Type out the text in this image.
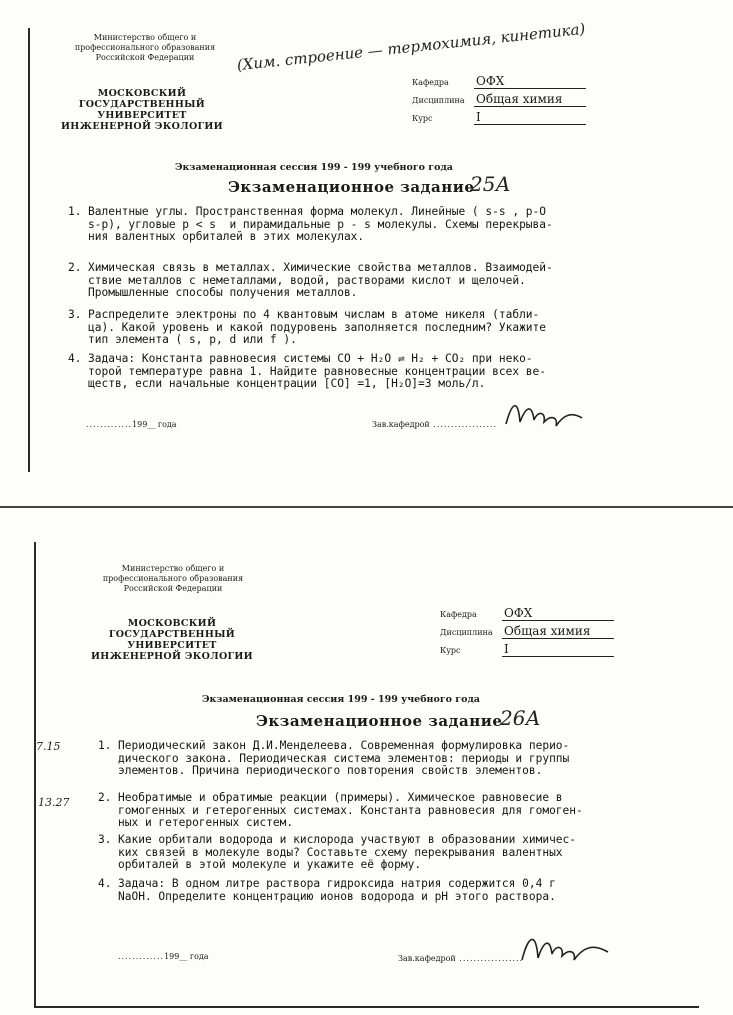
Министерство общего и
профессионального образования
Российской Федерации
МОСКОВСКИЙ
ГОСУДАРСТВЕННЫЙ
УНИВЕРСИТЕТ
ИНЖЕНЕРНОЙ ЭКОЛОГИИ
(Хим. строение — термохимия, кинетика)
Кафедра ОФХ
Дисциплина Общая химия
Курс	I
Экзаменационная сессия 199 - 199 учебного года
Экзаменационное задание
25А
1. Валентные углы. Пространственная форма молекул. Линейные ( s-s , p-O
s-p), угловые р < s  и пирамидальные р - s молекулы. Схемы перекрыва-
ния валентных орбиталей в этих молекулах.
2. Химическая связь в металлах. Химические свойства металлов. Взаимодей-
ствие металлов с неметаллами, водой, растворами кислот и щелочей.
Промышленные способы получения металлов.
3. Распределите электроны по 4 квантовым числам в атоме никеля (табли-
ца). Какой уровень и какой подуровень заполняется последним? Укажите
тип элемента ( s, р, d или f ).
4. Задача: Константа равновесия системы CO + H₂O ⇌ H₂ + CO₂ при неко-
торой температуре равна 1. Найдите равновесные концентрации всех ве-
ществ, если начальные концентрации [CO] =1, [H₂O]=3 моль/л.
.............199__ года	Зав.кафедрой ..................
Министерство общего и
профессионального образования
Российской Федерации
МОСКОВСКИЙ
ГОСУДАРСТВЕННЫЙ
УНИВЕРСИТЕТ
ИНЖЕНЕРНОЙ ЭКОЛОГИИ
Кафедра ОФХ
Дисциплина Общая химия
Курс	I
Экзаменационная сессия 199 - 199 учебного года
Экзаменационное задание
26А
7.15
13.27
1. Периодический закон Д.И.Менделеева. Современная формулировка перио-
дического закона. Периодическая система элементов: периоды и группы
элементов. Причина периодического повторения свойств элементов.
2. Необратимые и обратимые реакции (примеры). Химическое равновесие в
гомогенных и гетерогенных системах. Константа равновесия для гомоген-
ных и гетерогенных систем.
3. Какие орбитали водорода и кислорода участвуют в образовании химичес-
ких связей в молекуле воды? Составьте схему перекрывания валентных
орбиталей в этой молекуле и укажите её форму.
4. Задача: В одном литре раствора гидроксида натрия содержится 0,4 г
NaOH. Определите концентрацию ионов водорода и pH этого раствора.
.............199__ года	Зав.кафедрой ..................
